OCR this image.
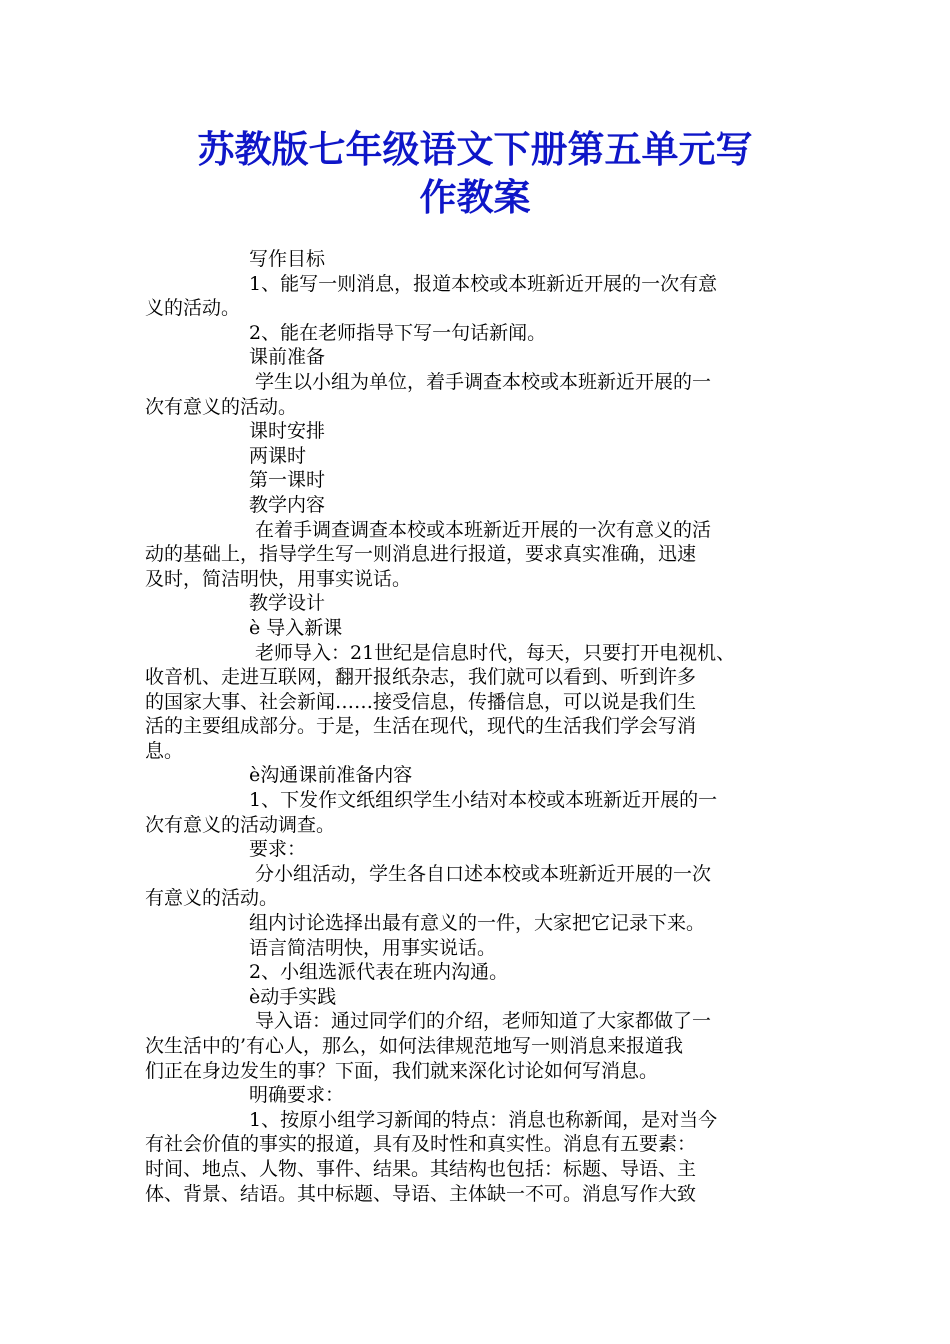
苏教版七年级语文下册第五单元写
作教案
写作目标
1、能写一则消息，报道本校或本班新近开展的一次有意
义的活动。
2、能在老师指导下写一句话新闻。
课前准备
学生以小组为单位，着手调查本校或本班新近开展的一
次有意义的活动。
课时安排
两课时
第一课时
教学内容
在着手调查调查本校或本班新近开展的一次有意义的活
动的基础上，指导学生写一则消息进行报道，要求真实准确，迅速
及时，简洁明快，用事实说话。
教学设计
è 导入新课
老师导入：21世纪是信息时代，每天，只要打开电视机、
收音机、走进互联网，翻开报纸杂志，我们就可以看到、听到许多
的国家大事、社会新闻……接受信息，传播信息，可以说是我们生
活的主要组成部分。于是，生活在现代，现代的生活我们学会写消
息。
è沟通课前准备内容
1、下发作文纸组织学生小结对本校或本班新近开展的一
次有意义的活动调查。
要求：
分小组活动，学生各自口述本校或本班新近开展的一次
有意义的活动。
组内讨论选择出最有意义的一件，大家把它记录下来。
语言简洁明快，用事实说话。
2、小组选派代表在班内沟通。
è动手实践
导入语：通过同学们的介绍，老师知道了大家都做了一
次生活中的’有心人，那么，如何法律规范地写一则消息来报道我
们正在身边发生的事？下面，我们就来深化讨论如何写消息。
明确要求：
1、按原小组学习新闻的特点：消息也称新闻，是对当今
有社会价值的事实的报道，具有及时性和真实性。消息有五要素：
时间、地点、人物、事件、结果。其结构也包括：标题、导语、主
体、背景、结语。其中标题、导语、主体缺一不可。消息写作大致
